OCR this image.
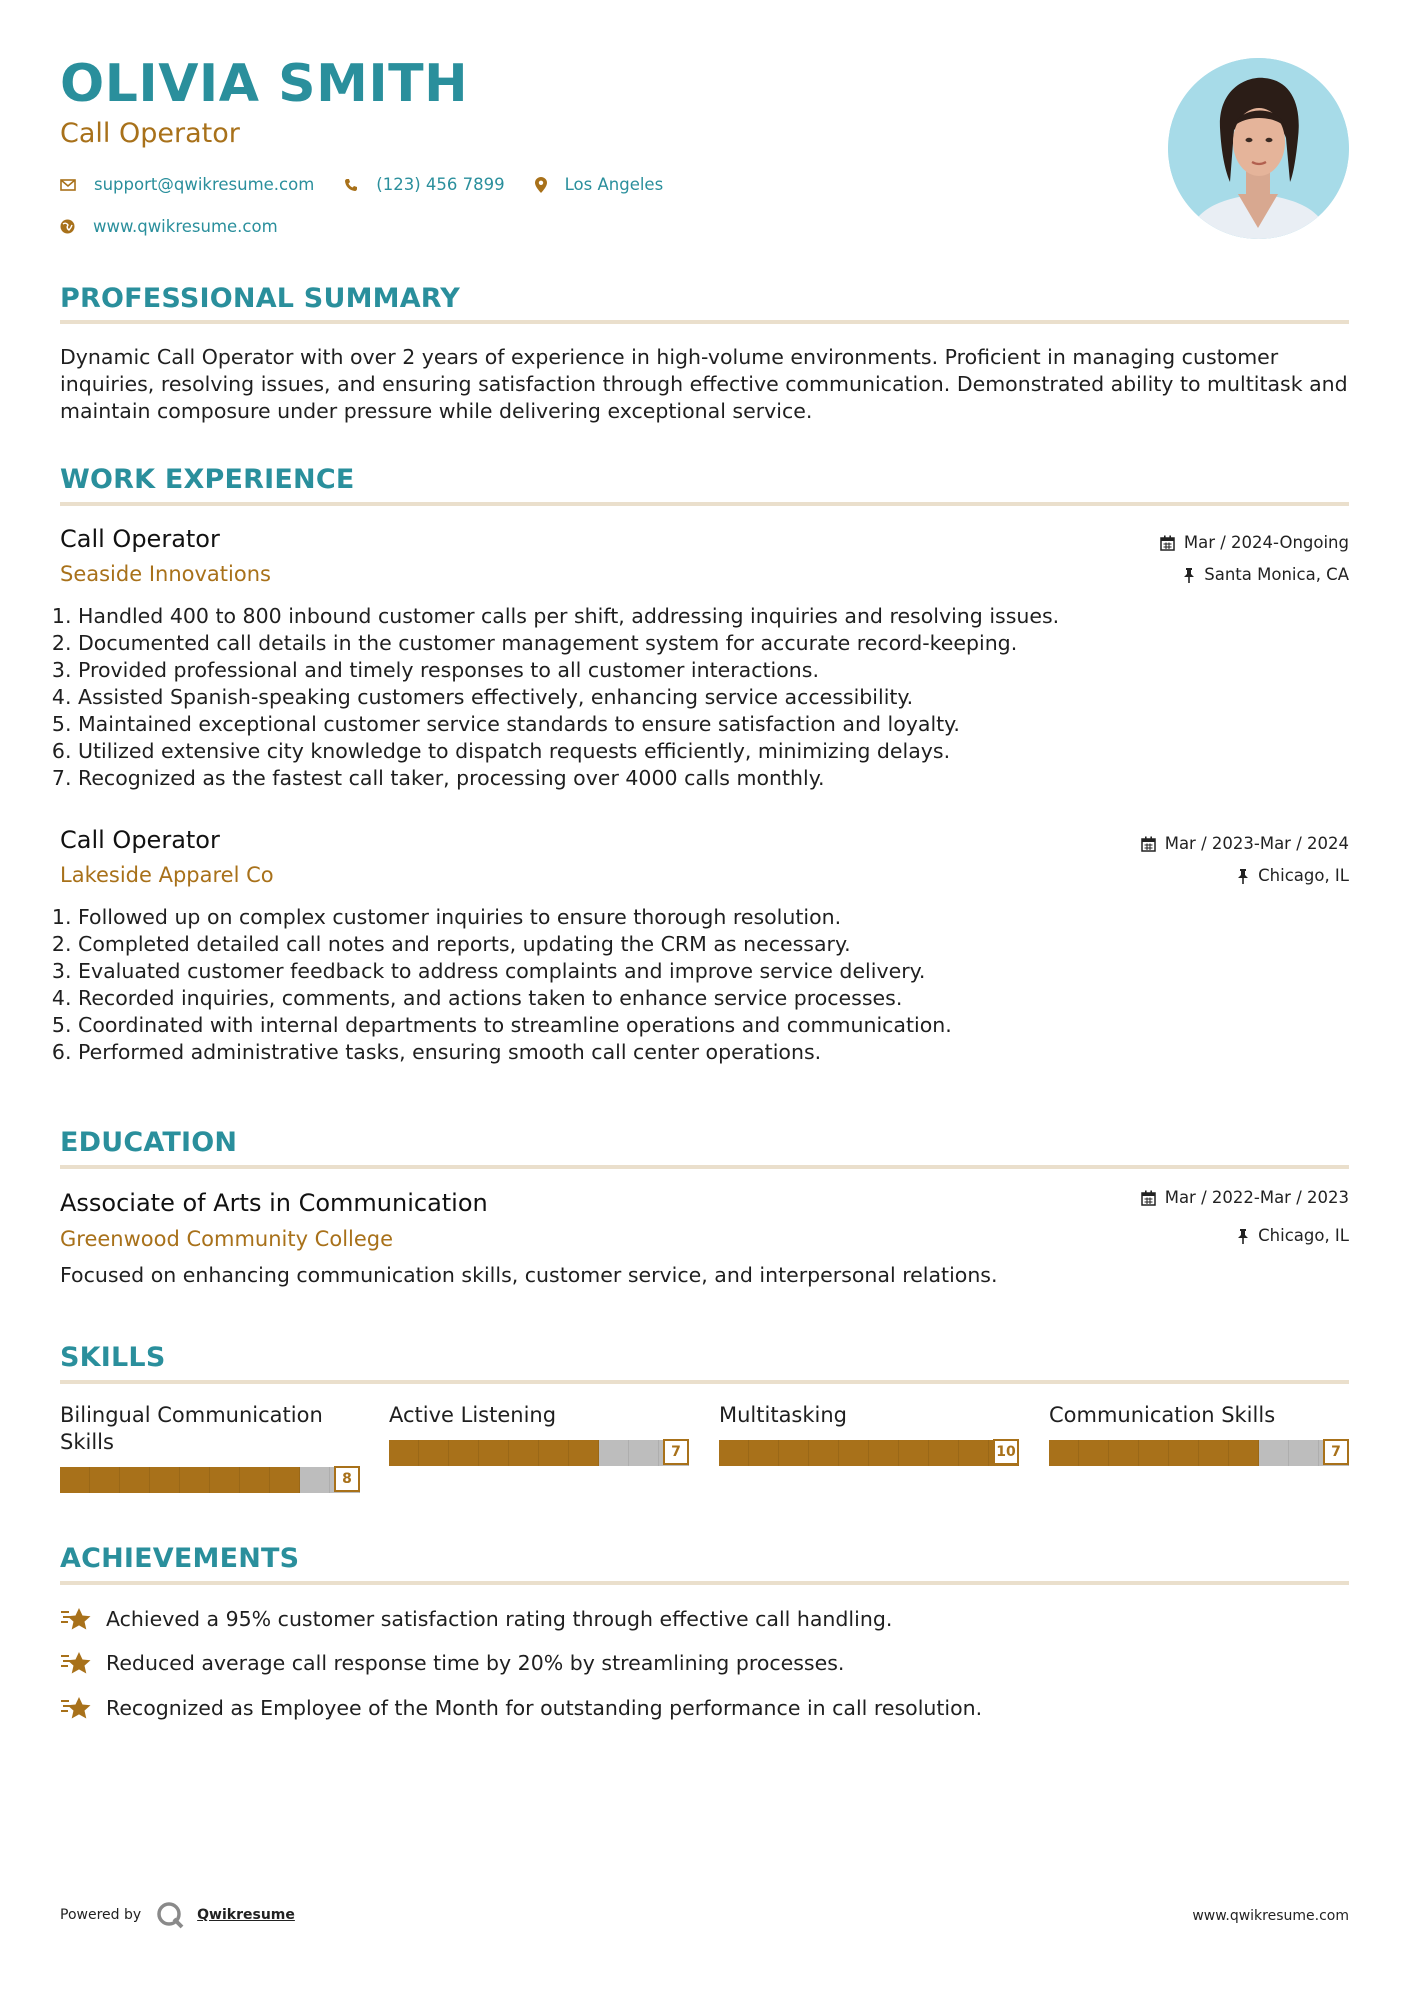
OLIVIA SMITH
Call Operator
support@qwikresume.com	(123) 456 7899	Los Angeles
www.qwikresume.com
PROFESSIONAL SUMMARY
Dynamic Call Operator with over 2 years of experience in high-volume environments. Proficient in managing customer inquiries, resolving issues, and ensuring satisfaction through effective communication. Demonstrated ability to multitask and maintain composure under pressure while delivering exceptional service.
WORK EXPERIENCE
Call Operator
Seaside Innovations
Mar / 2024-Ongoing
Santa Monica, CA
1. Handled 400 to 800 inbound customer calls per shift, addressing inquiries and resolving issues.
2. Documented call details in the customer management system for accurate record-keeping.
3. Provided professional and timely responses to all customer interactions.
4. Assisted Spanish-speaking customers effectively, enhancing service accessibility.
5. Maintained exceptional customer service standards to ensure satisfaction and loyalty.
6. Utilized extensive city knowledge to dispatch requests efficiently, minimizing delays.
7. Recognized as the fastest call taker, processing over 4000 calls monthly.
Call Operator
Lakeside Apparel Co
Mar / 2023-Mar / 2024
Chicago, IL
1. Followed up on complex customer inquiries to ensure thorough resolution.
2. Completed detailed call notes and reports, updating the CRM as necessary.
3. Evaluated customer feedback to address complaints and improve service delivery.
4. Recorded inquiries, comments, and actions taken to enhance service processes.
5. Coordinated with internal departments to streamline operations and communication.
6. Performed administrative tasks, ensuring smooth call center operations.
EDUCATION
Associate of Arts in Communication
Greenwood Community College
Mar / 2022-Mar / 2023
Chicago, IL
Focused on enhancing communication skills, customer service, and interpersonal relations.
SKILLS
Bilingual Communication Skills
8
Active Listening
7
Multitasking
10
Communication Skills
7
ACHIEVEMENTS
Achieved a 95% customer satisfaction rating through effective call handling.
Reduced average call response time by 20% by streamlining processes.
Recognized as Employee of the Month for outstanding performance in call resolution.
Powered by	Qwikresume	www.qwikresume.com
